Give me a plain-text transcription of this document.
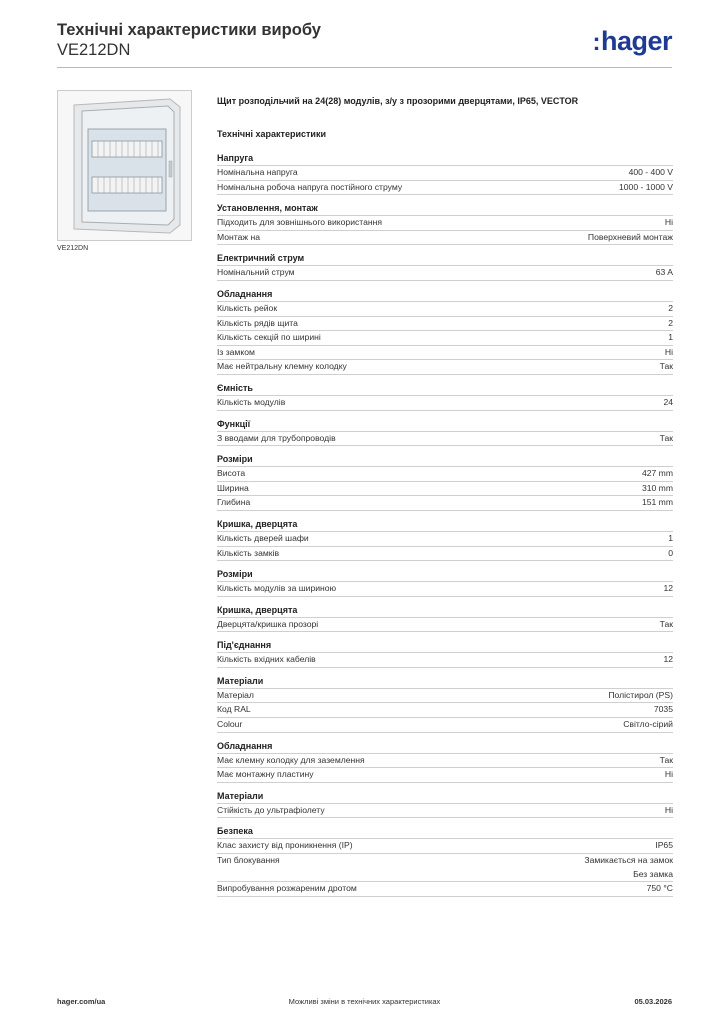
Технічні характеристики виробу
VE212DN	:hager
VE212DN
Щит розподільчий на 24(28) модулів, з/у з прозорими дверцятами, IP65, VECTOR
Технічні характеристики
Напруга
Номінальна напруга	400 - 400 V
Номінальна робоча напруга постійного струму	1000 - 1000 V
Установлення, монтаж
Підходить для зовнішнього використання	Ні
Монтаж на	Поверхневий монтаж
Електричний струм
Номінальний струм	63 A
Обладнання
Кількість рейок	2
Кількість рядів щита	2
Кількість секцій по ширині	1
Із замком	Ні
Має нейтральну клемну колодку	Так
Ємність
Кількість модулів	24
Функції
З вводами для трубопроводів	Так
Розміри
Висота	427 mm
Ширина	310 mm
Глибина	151 mm
Кришка, дверцята
Кількість дверей шафи	1
Кількість замків	0
Розміри
Кількість модулів за шириною	12
Кришка, дверцята
Дверцята/кришка прозорі	Так
Під'єднання
Кількість вхідних кабелів	12
Матеріали
Матеріал	Полістирол (PS)
Код RAL	7035
Colour	Світло-сірий
Обладнання
Має клемну колодку для заземлення	Так
Має монтажну пластину	Ні
Матеріали
Стійкість до ультрафіолету	Ні
Безпека
Клас захисту від проникнення (IP)	IP65
Тип блокування	Замикається на замок
Без замка
Випробування розжареним дротом	750 °C
hager.com/ua	Можливі зміни в технічних характеристиках	05.03.2026
